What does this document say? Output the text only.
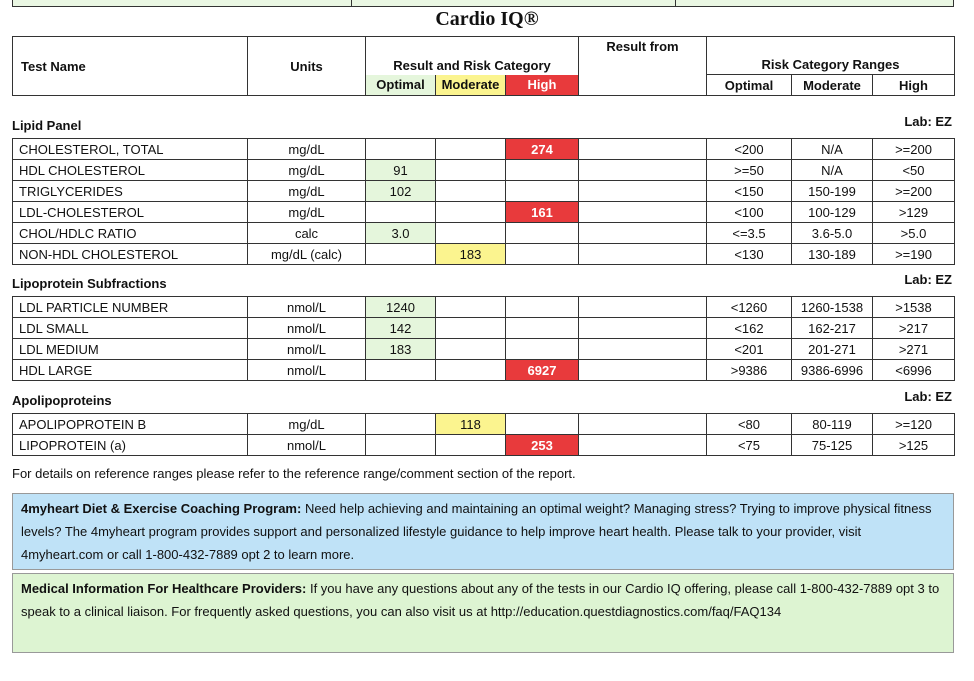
Cardio IQ®
Test Name	Units	Result and Risk Category			Result from	Risk Category Ranges		
		Optimal	Moderate	High		Optimal	Moderate	High
Lipid Panel	Lab: EZ
CHOLESTEROL, TOTAL	mg/dL			274		<200	N/A	>=200
HDL CHOLESTEROL	mg/dL	91				>=50	N/A	<50
TRIGLYCERIDES	mg/dL	102				<150	150-199	>=200
LDL-CHOLESTEROL	mg/dL			161		<100	100-129	>129
CHOL/HDLC RATIO	calc	3.0				<=3.5	3.6-5.0	>5.0
NON-HDL CHOLESTEROL	mg/dL (calc)		183			<130	130-189	>=190
Lipoprotein Subfractions	Lab: EZ
LDL PARTICLE NUMBER	nmol/L	1240				<1260	1260-1538	>1538
LDL SMALL	nmol/L	142				<162	162-217	>217
LDL MEDIUM	nmol/L	183				<201	201-271	>271
HDL LARGE	nmol/L			6927		>9386	9386-6996	<6996
Apolipoproteins	Lab: EZ
APOLIPOPROTEIN B	mg/dL		118			<80	80-119	>=120
LIPOPROTEIN (a)	nmol/L			253		<75	75-125	>125
For details on reference ranges please refer to the reference range/comment section of the report.
4myheart Diet & Exercise Coaching Program: Need help achieving and maintaining an optimal weight? Managing stress? Trying to improve physical fitness levels? The 4myheart program provides support and personalized lifestyle guidance to help improve heart health. Please talk to your provider, visit 4myheart.com or call 1-800-432-7889 opt 2 to learn more.
Medical Information For Healthcare Providers: If you have any questions about any of the tests in our Cardio IQ offering, please call 1-800-432-7889 opt 3 to speak to a clinical liaison. For frequently asked questions, you can also visit us at http://education.questdiagnostics.com/faq/FAQ134
